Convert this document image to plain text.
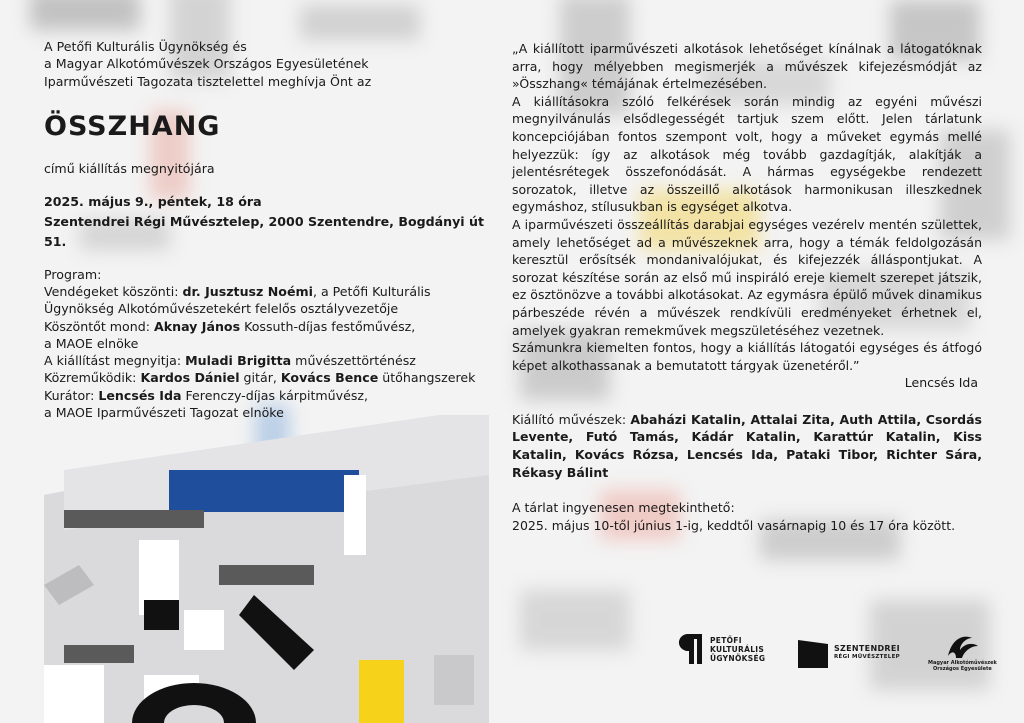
A Petőfi Kulturális Ügynökség és

a Magyar Alkotóművészek Országos Egyesületének

Iparművészeti Tagozata tisztelettel meghívja Önt az

ÖSSZHANG

című kiállítás megnyitójára

2025. május 9., péntek, 18 óra

Szentendrei Régi Művésztelep, 2000 Szentendre, Bogdányi út 51.

Program:

Vendégeket köszönti: dr. Jusztusz Noémi, a Petőfi Kulturális

Ügynökség Alkotóművészetekért felelős osztályvezetője

Köszöntőt mond: Aknay János Kossuth-díjas festőművész,

a MAOE elnöke

A kiállítást megnyitja: Muladi Brigitta művészettörténész

Közreműködik: Kardos Dániel gitár, Kovács Bence ütőhangszerek

Kurátor: Lencsés Ida Ferenczy-díjas kárpitművész,

a MAOE Iparművészeti Tagozat elnöke

„A kiállított iparművészeti alkotások lehetőséget kínálnak a látogatóknak arra, hogy mélyebben megismerjék a művészek kifejezésmódját az »Összhang« témájának értelmezésében.

A kiállításokra szóló felkérések során mindig az egyéni művészi megnyilvánulás elsődlegességét tartjuk szem előtt. Jelen tárlatunk koncepciójában fontos szempont volt, hogy a műveket egymás mellé helyezzük: így az alkotások még tovább gazdagítják, alakítják a jelentésrétegek összefonódását. A hármas egységekbe rendezett sorozatok, illetve az összeillő alkotások harmonikusan illeszkednek egymáshoz, stílusukban is egységet alkotva.

A iparművészeti összeállítás darabjai egységes vezérelv mentén születtek, amely lehetőséget ad a művészeknek arra, hogy a témák feldolgozásán keresztül erősítsék mondanivalójukat, és kifejezzék álláspontjukat. A sorozat készítése során az első mű inspiráló ereje kiemelt szerepet játszik, ez ösztönözve a további alkotásokat. Az egymásra épülő művek dinamikus párbeszéde révén a művészek rendkívüli eredményeket érhetnek el, amelyek gyakran remekművek megszületéséhez vezetnek.

Számunkra kiemelten fontos, hogy a kiállítás látogatói egységes és átfogó képet alkothassanak a bemutatott tárgyak üzenetéről.”

Lencsés Ida

Kiállító művészek: Abaházi Katalin, Attalai Zita, Auth Attila, Csordás Levente, Futó Tamás, Kádár Katalin, Karattúr Katalin, Kiss Katalin, Kovács Rózsa, Lencsés Ida, Pataki Tibor, Richter Sára, Rékasy Bálint

A tárlat ingyenesen megtekinthető:

2025. május 10-től június 1-ig, keddtől vasárnapig 10 és 17 óra között.

PETŐFI
KULTURÁLIS
ÜGYNÖKSÉG
SZENTENDREI
RÉGI MŰVÉSZTELEP
Magyar Alkotóművészek
Országos Egyesülete
